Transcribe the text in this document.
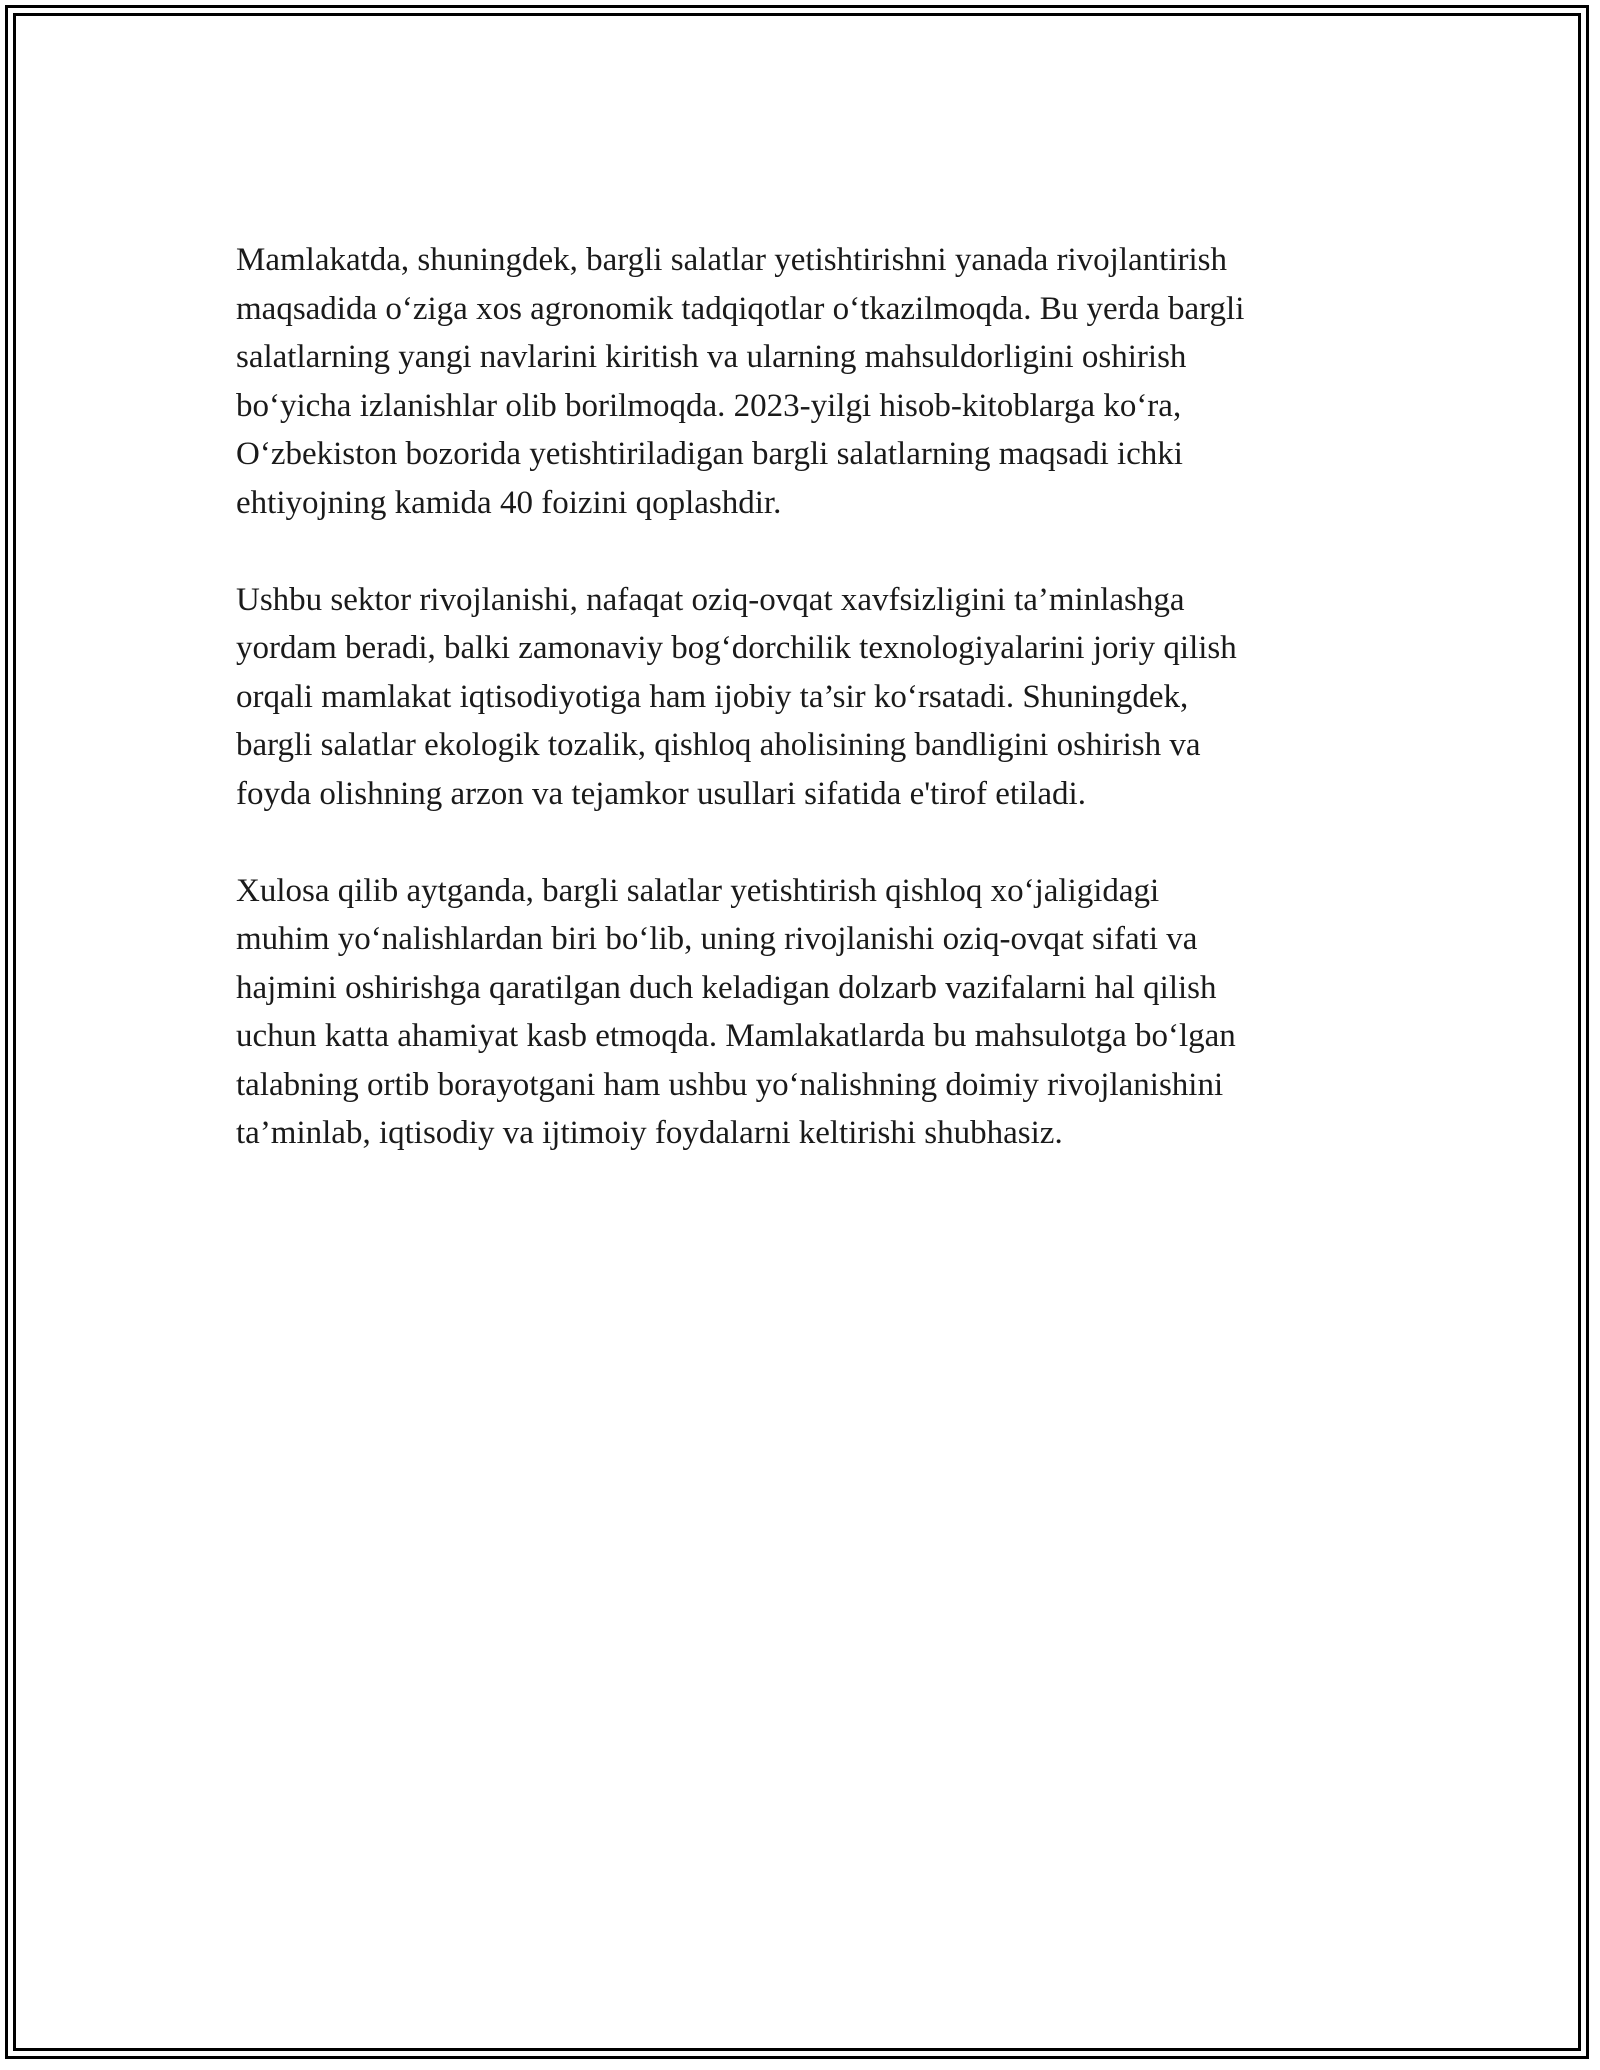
Mamlakatda, shuningdek, bargli salatlar yetishtirishni yanada rivojlantirish
maqsadida o‘ziga xos agronomik tadqiqotlar o‘tkazilmoqda. Bu yerda bargli
salatlarning yangi navlarini kiritish va ularning mahsuldorligini oshirish
bo‘yicha izlanishlar olib borilmoqda. 2023-yilgi hisob-kitoblarga ko‘ra,
O‘zbekiston bozorida yetishtiriladigan bargli salatlarning maqsadi ichki
ehtiyojning kamida 40 foizini qoplashdir.

Ushbu sektor rivojlanishi, nafaqat oziq-ovqat xavfsizligini ta’minlashga
yordam beradi, balki zamonaviy bog‘dorchilik texnologiyalarini joriy qilish
orqali mamlakat iqtisodiyotiga ham ijobiy ta’sir ko‘rsatadi. Shuningdek,
bargli salatlar ekologik tozalik, qishloq aholisining bandligini oshirish va
foyda olishning arzon va tejamkor usullari sifatida e'tirof etiladi.

Xulosa qilib aytganda, bargli salatlar yetishtirish qishloq xo‘jaligidagi
muhim yo‘nalishlardan biri bo‘lib, uning rivojlanishi oziq-ovqat sifati va
hajmini oshirishga qaratilgan duch keladigan dolzarb vazifalarni hal qilish
uchun katta ahamiyat kasb etmoqda. Mamlakatlarda bu mahsulotga bo‘lgan
talabning ortib borayotgani ham ushbu yo‘nalishning doimiy rivojlanishini
ta’minlab, iqtisodiy va ijtimoiy foydalarni keltirishi shubhasiz.
